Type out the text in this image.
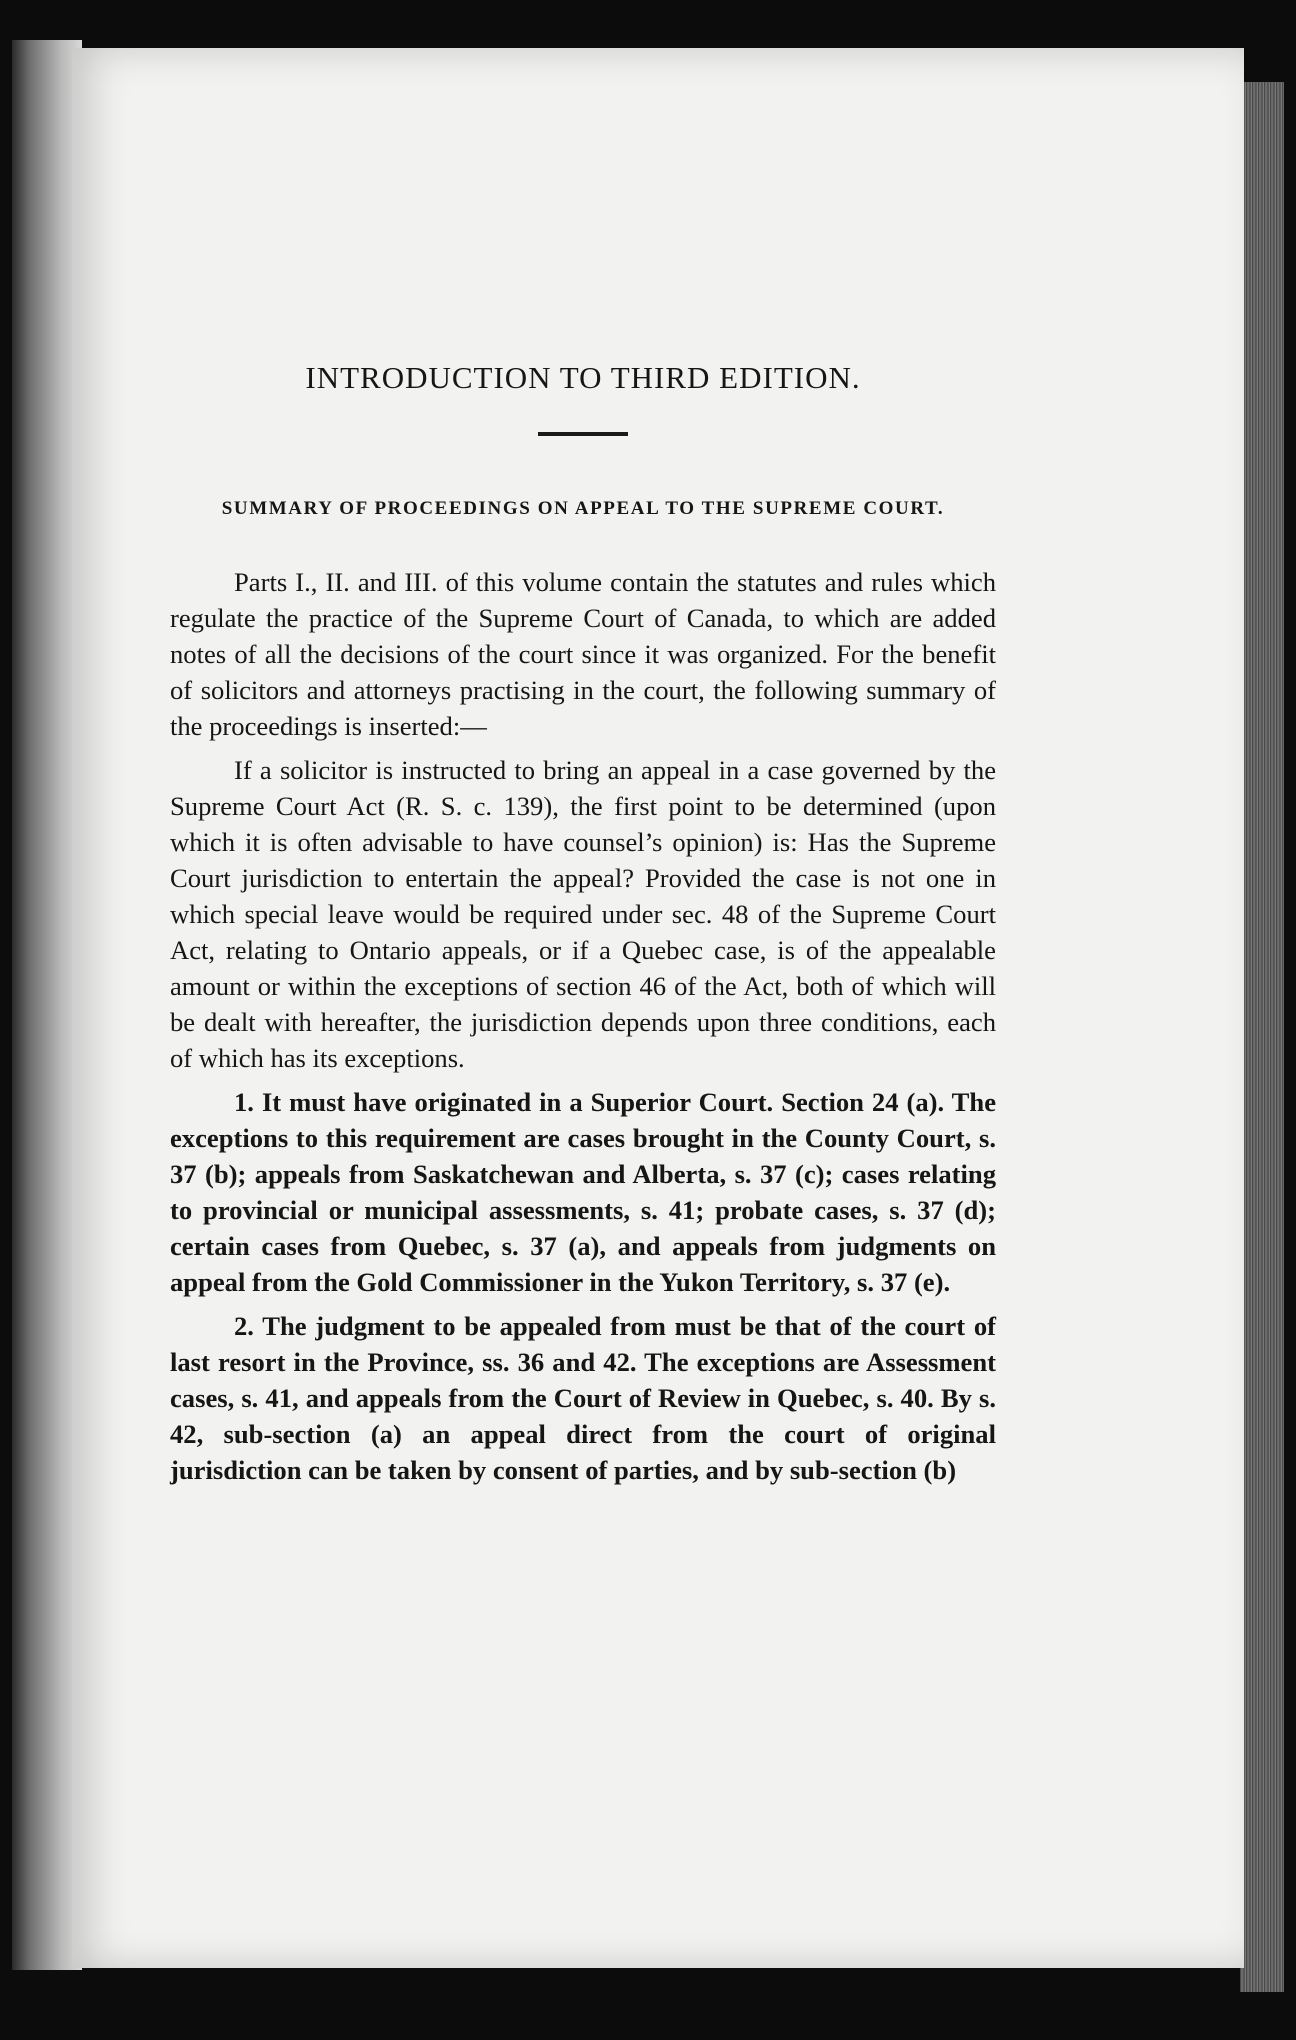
INTRODUCTION TO THIRD EDITION.
SUMMARY OF PROCEEDINGS ON APPEAL TO THE SUPREME COURT.

Parts I., II. and III. of this volume contain the statutes and rules which regulate the practice of the Supreme Court of Canada, to which are added notes of all the decisions of the court since it was organized. For the benefit of solicitors and attorneys practising in the court, the following summary of the proceedings is inserted:—

If a solicitor is instructed to bring an appeal in a case governed by the Supreme Court Act (R. S. c. 139), the first point to be determined (upon which it is often advisable to have counsel’s opinion) is: Has the Supreme Court jurisdiction to entertain the appeal? Provided the case is not one in which special leave would be required under sec. 48 of the Supreme Court Act, relating to Ontario appeals, or if a Quebec case, is of the appealable amount or within the exceptions of section 46 of the Act, both of which will be dealt with hereafter, the jurisdiction depends upon three conditions, each of which has its exceptions.

1. It must have originated in a Superior Court. Section 24 (a). The exceptions to this requirement are cases brought in the County Court, s. 37 (b); appeals from Saskatchewan and Alberta, s. 37 (c); cases relating to provincial or municipal assessments, s. 41; probate cases, s. 37 (d); certain cases from Quebec, s. 37 (a), and appeals from judgments on appeal from the Gold Commissioner in the Yukon Territory, s. 37 (e).

2. The judgment to be appealed from must be that of the court of last resort in the Province, ss. 36 and 42. The exceptions are Assessment cases, s. 41, and appeals from the Court of Review in Quebec, s. 40. By s. 42, sub-section (a) an appeal direct from the court of original jurisdiction can be taken by consent of parties, and by sub-section (b)
